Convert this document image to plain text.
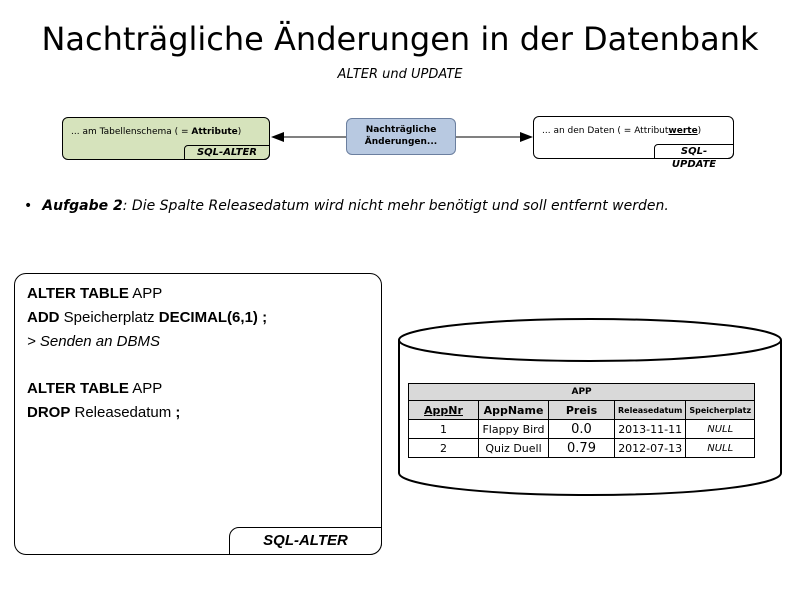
Nachträgliche Änderungen in der Datenbank
ALTER und UPDATE
... am Tabellenschema ( = Attribute)
SQL-ALTER
Nachträgliche
Änderungen...
... an den Daten ( = Attributwerte)
SQL-UPDATE
• Aufgabe 2: Die Spalte Releasedatum wird nicht mehr benötigt und soll entfernt werden.
ALTER TABLE APP
ADD Speicherplatz DECIMAL(6,1) ;
> Senden an DBMS
ALTER TABLE APP
DROP Releasedatum ;
SQL-ALTER
APP				
AppNr	AppName	Preis	Releasedatum	Speicherplatz
1	Flappy Bird	0.0	2013-11-11	NULL
2	Quiz Duell	0.79	2012-07-13	NULL
